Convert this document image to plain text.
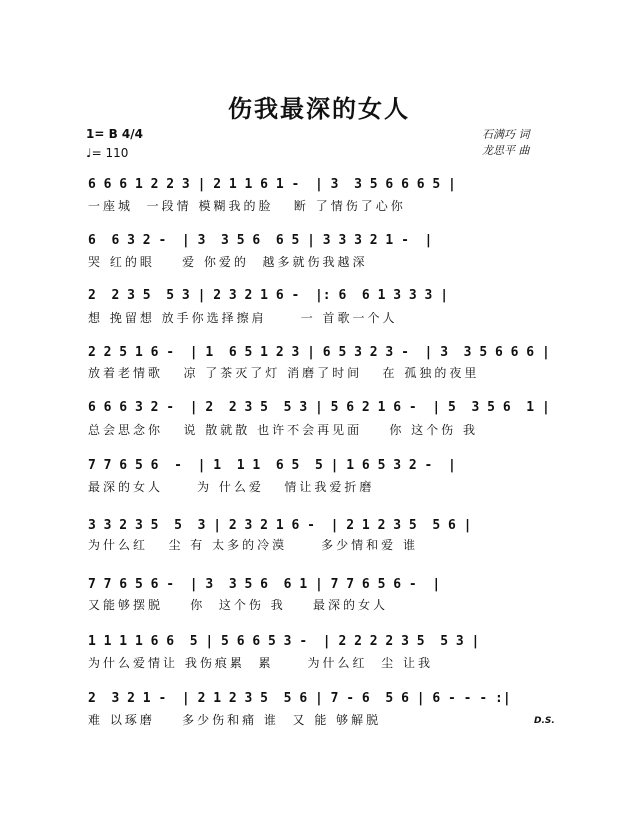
伤我最深的女人
1= B 4/4
♩= 110
石满巧 词
龙思平 曲
6 6 6 1 2 2 3 | 2 1 1 6 1 -  | 3  3 5 6 6 6 5 |
一座城  一段情 模糊我的脸   断 了情伤了心你
6  6 3 2 -  | 3  3 5 6  6 5 | 3 3 3 2 1 -  |
哭 红的眼    爱 你爱的  越多就伤我越深
2  2 3 5  5 3 | 2 3 2 1 6 -  |: 6  6 1 3 3 3 |
想 挽留想 放手你选择擦肩     一 首歌一个人
2 2 5 1 6 -  | 1  6 5 1 2 3 | 6 5 3 2 3 -  | 3  3 5 6 6 6 |
放着老情歌   凉 了茶灭了灯 消磨了时间   在 孤独的夜里
6 6 6 3 2 -  | 2  2 3 5  5 3 | 5 6 2 1 6 -  | 5  3 5 6  1 |
总会思念你   说 散就散 也许不会再见面    你 这个伤 我
7 7 6 5 6  -  | 1  1 1  6 5  5 | 1 6 5 3 2 -  |
最深的女人     为 什么爱   情让我爱折磨
3 3 2 3 5  5  3 | 2 3 2 1 6 -  | 2 1 2 3 5  5 6 |
为什么红   尘 有 太多的冷漠     多少情和爱 谁
7 7 6 5 6 -  | 3  3 5 6  6 1 | 7 7 6 5 6 -  |
又能够摆脱    你  这个伤 我    最深的女人
1 1 1 1 6 6  5 | 5 6 6 5 3 -  | 2 2 2 2 3 5  5 3 |
为什么爱情让 我伤痕累  累     为什么红  尘 让我
2  3 2 1 -  | 2 1 2 3 5  5 6 | 7 - 6  5 6 | 6 - - - :|
难 以琢磨    多少伤和痛 谁  又 能 够解脱	D.S.
